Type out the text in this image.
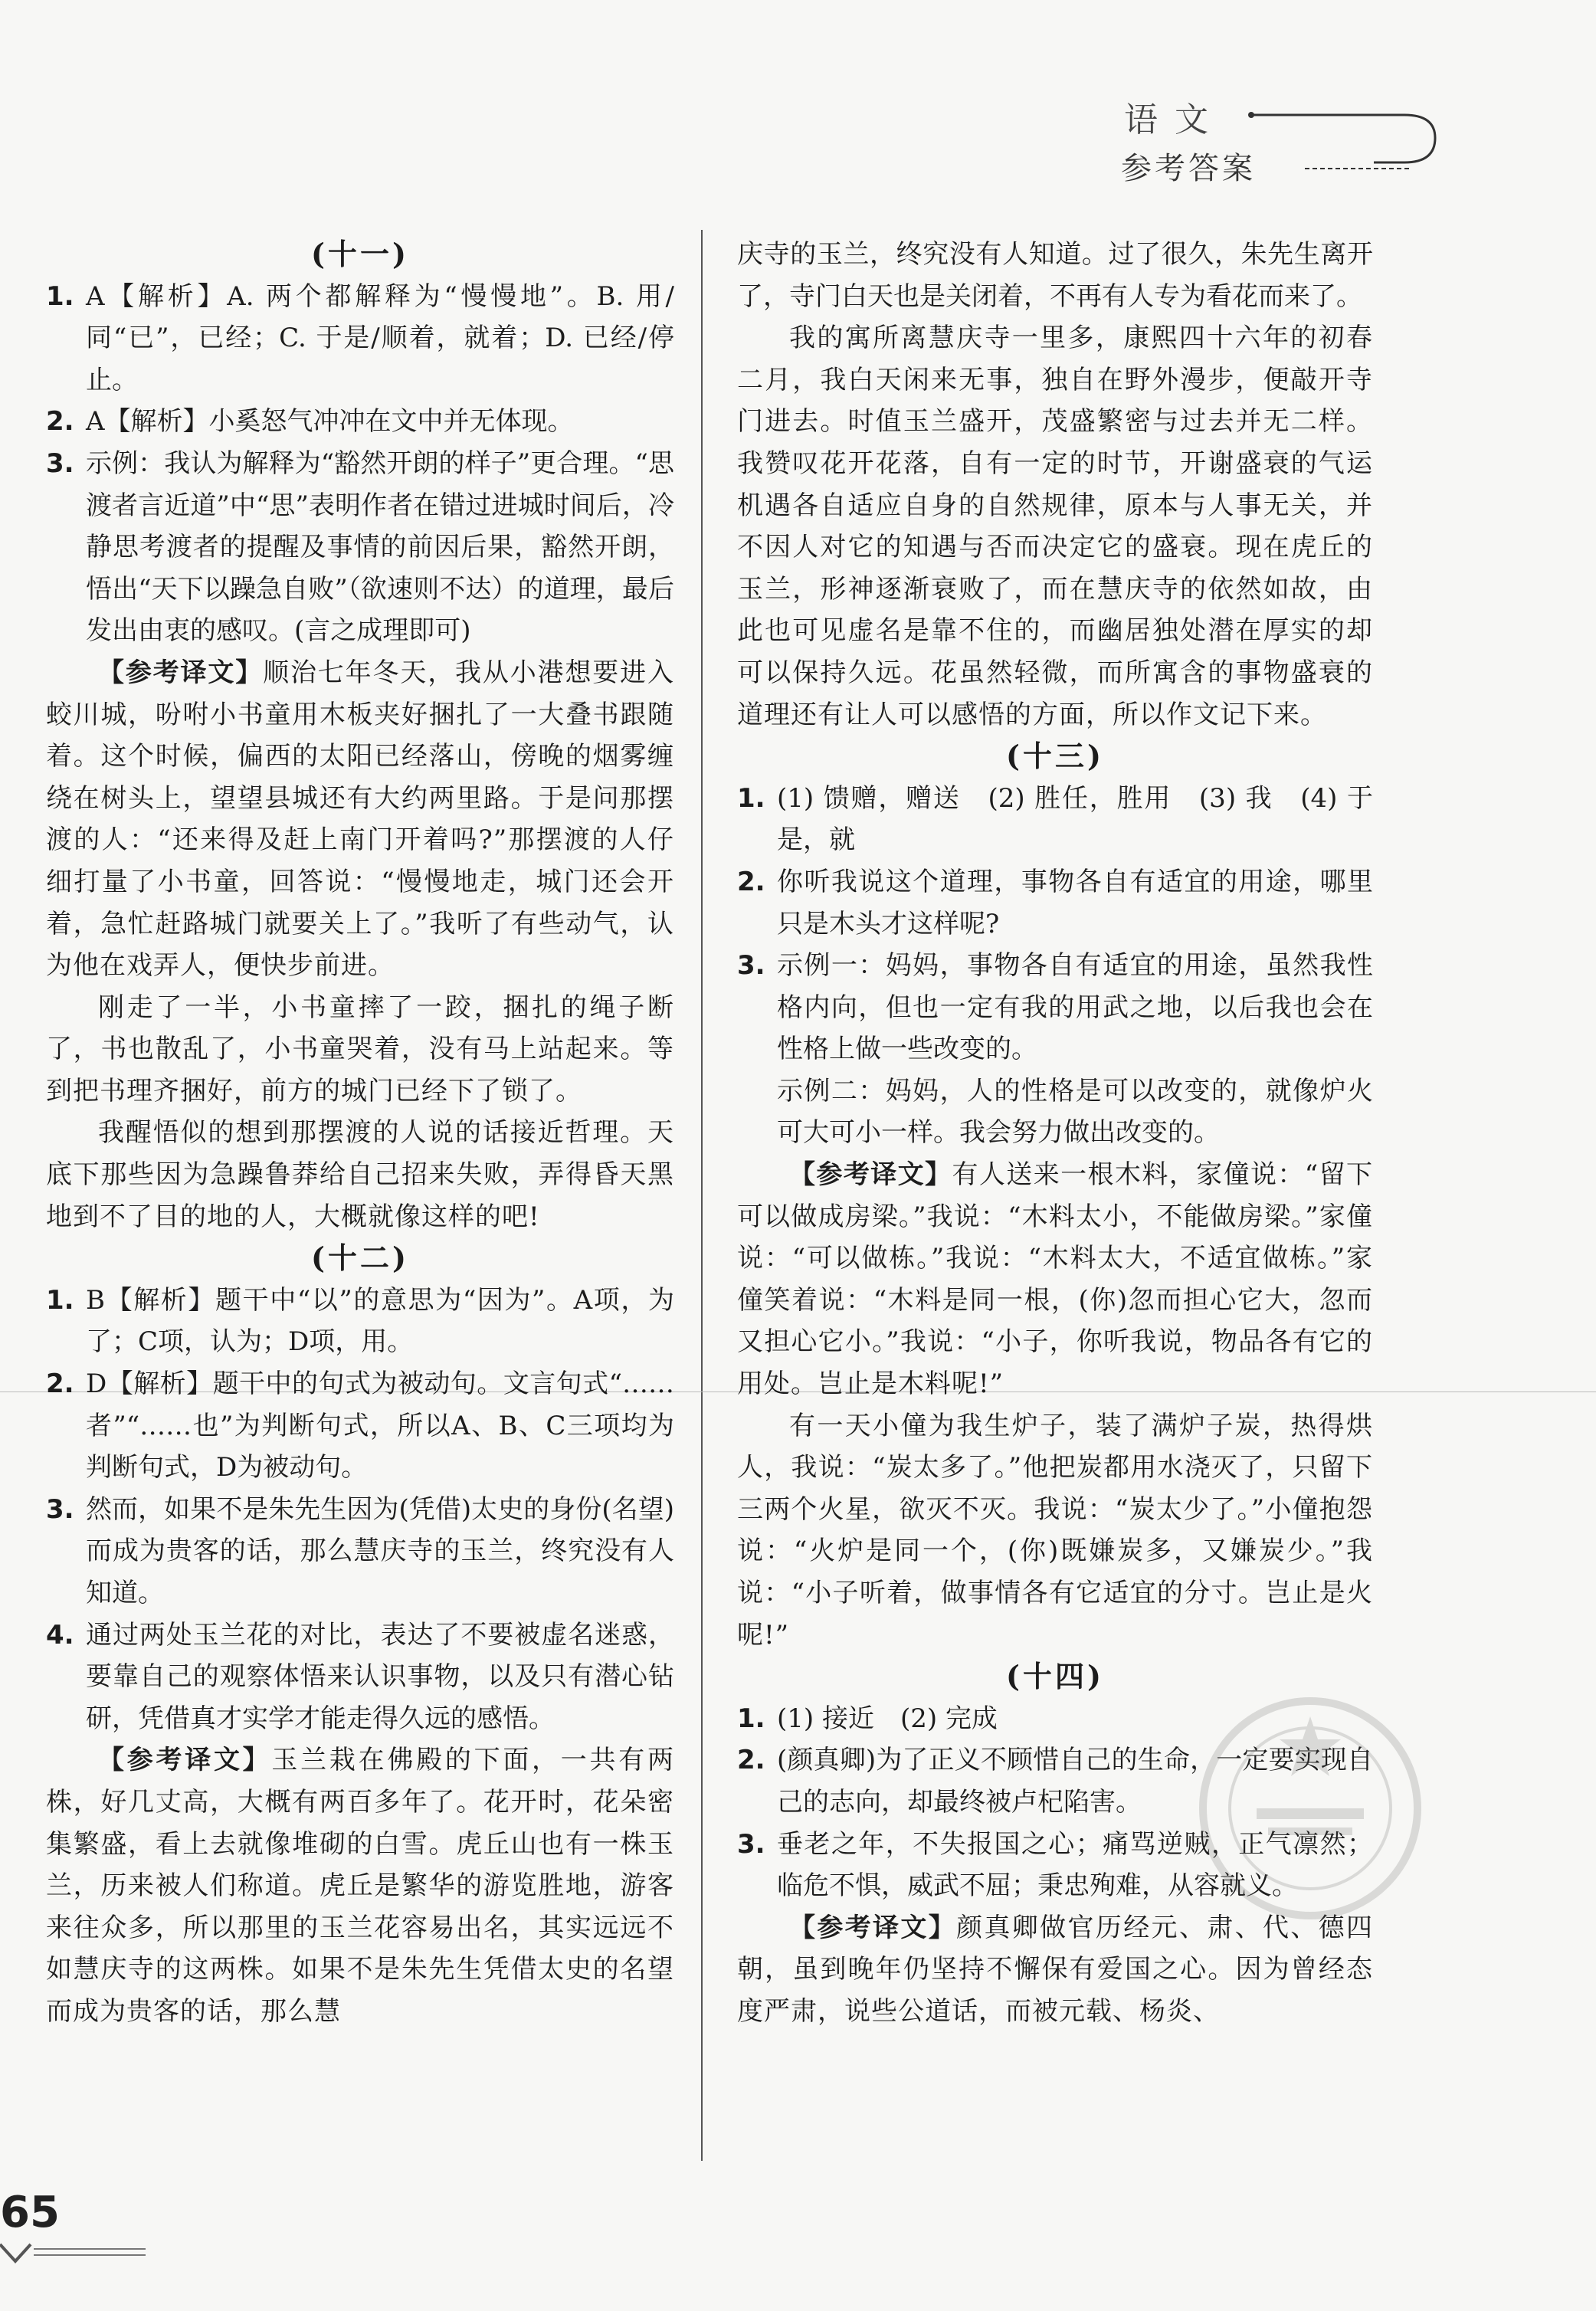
语文
参考答案
(十一)
1. A【解析】A. 两个都解释为“慢慢地”。B. 用/同“已”，已经；C. 于是/顺着，就着；D. 已经/停止。
2. A【解析】小奚怒气冲冲在文中并无体现。
3. 示例：我认为解释为“豁然开朗的样子”更合理。“思渡者言近道”中“思”表明作者在错过进城时间后，冷静思考渡者的提醒及事情的前因后果，豁然开朗，悟出“天下以躁急自败”（欲速则不达）的道理，最后发出由衷的感叹。(言之成理即可)
【参考译文】顺治七年冬天，我从小港想要进入蛟川城，吩咐小书童用木板夹好捆扎了一大叠书跟随着。这个时候，偏西的太阳已经落山，傍晚的烟雾缠绕在树头上，望望县城还有大约两里路。于是问那摆渡的人：“还来得及赶上南门开着吗?”那摆渡的人仔细打量了小书童，回答说：“慢慢地走，城门还会开着，急忙赶路城门就要关上了。”我听了有些动气，认为他在戏弄人，便快步前进。
刚走了一半，小书童摔了一跤，捆扎的绳子断了，书也散乱了，小书童哭着，没有马上站起来。等到把书理齐捆好，前方的城门已经下了锁了。
我醒悟似的想到那摆渡的人说的话接近哲理。天底下那些因为急躁鲁莽给自己招来失败，弄得昏天黑地到不了目的地的人，大概就像这样的吧!
(十二)
1. B【解析】题干中“以”的意思为“因为”。A项，为了；C项，认为；D项，用。
2. D【解析】题干中的句式为被动句。文言句式“……者”“……也”为判断句式，所以A、B、C三项均为判断句式，D为被动句。
3. 然而，如果不是朱先生因为(凭借)太史的身份(名望)而成为贵客的话，那么慧庆寺的玉兰，终究没有人知道。
4. 通过两处玉兰花的对比，表达了不要被虚名迷惑，要靠自己的观察体悟来认识事物，以及只有潜心钻研，凭借真才实学才能走得久远的感悟。
【参考译文】玉兰栽在佛殿的下面，一共有两株，好几丈高，大概有两百多年了。花开时，花朵密集繁盛，看上去就像堆砌的白雪。虎丘山也有一株玉兰，历来被人们称道。虎丘是繁华的游览胜地，游客来往众多，所以那里的玉兰花容易出名，其实远远不如慧庆寺的这两株。如果不是朱先生凭借太史的名望而成为贵客的话，那么慧
庆寺的玉兰，终究没有人知道。过了很久，朱先生离开了，寺门白天也是关闭着，不再有人专为看花而来了。
我的寓所离慧庆寺一里多，康熙四十六年的初春二月，我白天闲来无事，独自在野外漫步，便敲开寺门进去。时值玉兰盛开，茂盛繁密与过去并无二样。我赞叹花开花落，自有一定的时节，开谢盛衰的气运机遇各自适应自身的自然规律，原本与人事无关，并不因人对它的知遇与否而决定它的盛衰。现在虎丘的玉兰，形神逐渐衰败了，而在慧庆寺的依然如故，由此也可见虚名是靠不住的，而幽居独处潜在厚实的却可以保持久远。花虽然轻微，而所寓含的事物盛衰的道理还有让人可以感悟的方面，所以作文记下来。
(十三)
1. (1) 馈赠，赠送　(2) 胜任，胜用　(3) 我　(4) 于是，就
2. 你听我说这个道理，事物各自有适宜的用途，哪里只是木头才这样呢?
3. 示例一：妈妈，事物各自有适宜的用途，虽然我性格内向，但也一定有我的用武之地，以后我也会在性格上做一些改变的。
示例二：妈妈，人的性格是可以改变的，就像炉火可大可小一样。我会努力做出改变的。
【参考译文】有人送来一根木料，家僮说：“留下可以做成房梁。”我说：“木料太小，不能做房梁。”家僮说：“可以做栋。”我说：“木料太大，不适宜做栋。”家僮笑着说：“木料是同一根，(你)忽而担心它大，忽而又担心它小。”我说：“小子，你听我说，物品各有它的用处。岂止是木料呢!”
有一天小僮为我生炉子，装了满炉子炭，热得烘人，我说：“炭太多了。”他把炭都用水浇灭了，只留下三两个火星，欲灭不灭。我说：“炭太少了。”小僮抱怨说：“火炉是同一个，(你)既嫌炭多，又嫌炭少。”我说：“小子听着，做事情各有它适宜的分寸。岂止是火呢!”
(十四)
1. (1) 接近　(2) 完成
2. (颜真卿)为了正义不顾惜自己的生命，一定要实现自己的志向，却最终被卢杞陷害。
3. 垂老之年，不失报国之心；痛骂逆贼，正气凛然；临危不惧，威武不屈；秉忠殉难，从容就义。
【参考译文】颜真卿做官历经元、肃、代、德四朝，虽到晚年仍坚持不懈保有爱国之心。因为曾经态度严肃，说些公道话，而被元载、杨炎、
65
